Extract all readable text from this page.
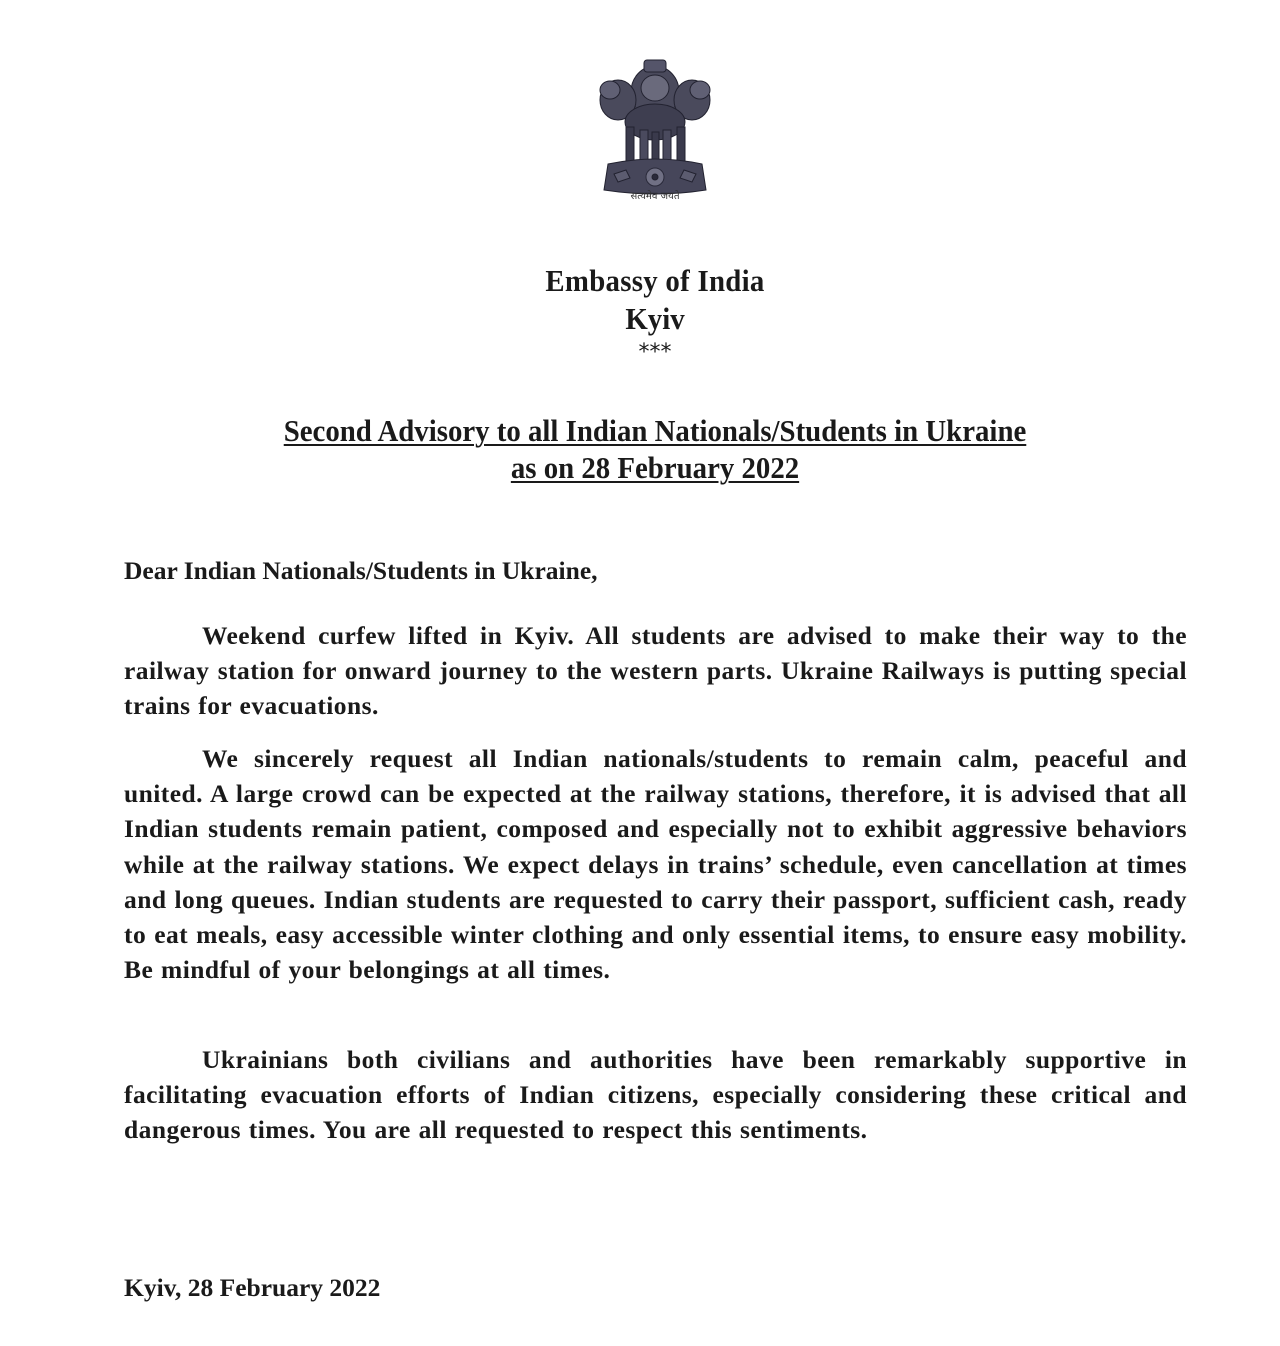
सत्यमेव जयते
Embassy of India
Kyiv
***
Second Advisory to all Indian Nationals/Students in Ukraine
as on 28 February 2022
Dear Indian Nationals/Students in Ukraine,
Weekend curfew lifted in Kyiv. All students are advised to make their way to the railway station for onward journey to the western parts. Ukraine Railways is putting special trains for evacuations.
We sincerely request all Indian nationals/students to remain calm, peaceful and united. A large crowd can be expected at the railway stations, therefore, it is advised that all Indian students remain patient, composed and especially not to exhibit aggressive behaviors while at the railway stations. We expect delays in trains’ schedule, even cancellation at times and long queues. Indian students are requested to carry their passport, sufficient cash, ready to eat meals, easy accessible winter clothing and only essential items, to ensure easy mobility. Be mindful of your belongings at all times.
Ukrainians both civilians and authorities have been remarkably supportive in facilitating evacuation efforts of Indian citizens, especially considering these critical and dangerous times. You are all requested to respect this sentiments.
Kyiv, 28 February 2022
